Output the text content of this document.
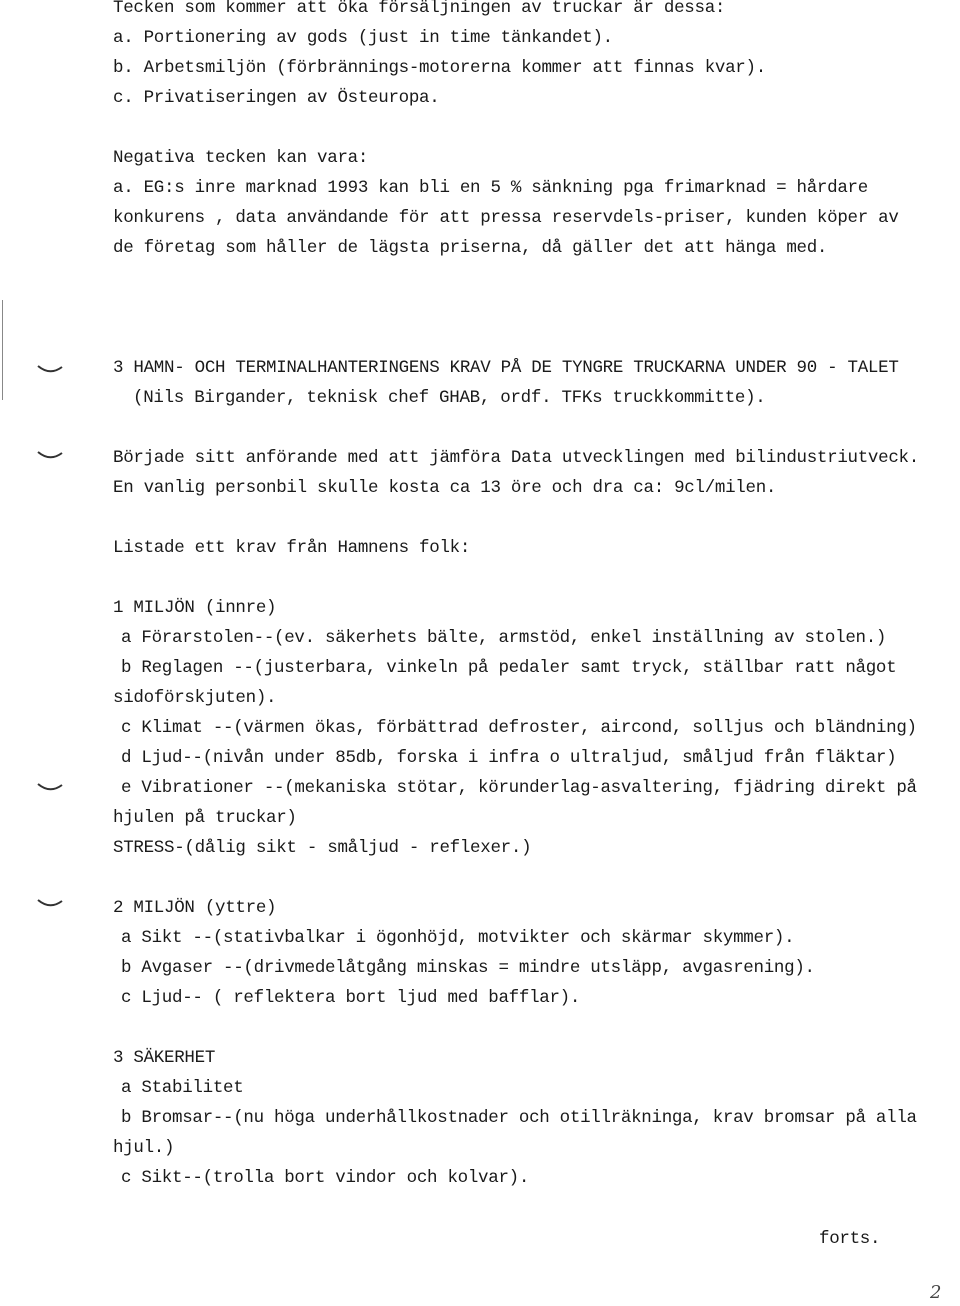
Tecken som kommer att öka försäljningen av truckar är dessa:
a. Portionering av gods (just in time tänkandet).
b. Arbetsmiljön (förbrännings-motorerna kommer att finnas kvar).
c. Privatiseringen av Östeuropa.
Negativa tecken kan vara:
a. EG:s inre marknad 1993 kan bli en 5 % sänkning pga frimarknad = hårdare
konkurens , data användande för att pressa reservdels-priser, kunden köper av
de företag som håller de lägsta priserna, då gäller det att hänga med.
3 HAMN- OCH TERMINALHANTERINGENS KRAV PÅ DE TYNGRE TRUCKARNA UNDER 90 - TALET
(Nils Birgander, teknisk chef GHAB, ordf. TFKs truckkommitte).
Började sitt anförande med att jämföra Data utvecklingen med bilindustriutveck.
En vanlig personbil skulle kosta ca 13 öre och dra ca: 9cl/milen.
Listade ett krav från Hamnens folk:
1 MILJÖN (innre)
a Förarstolen--(ev. säkerhets bälte, armstöd, enkel inställning av stolen.)
b Reglagen --(justerbara, vinkeln på pedaler samt tryck, ställbar ratt något
sidoförskjuten).
c Klimat --(värmen ökas, förbättrad defroster, aircond, solljus och bländning)
d Ljud--(nivån under 85db, forska i infra o ultraljud, småljud från fläktar)
e Vibrationer --(mekaniska stötar, körunderlag-asvaltering, fjädring direkt på
hjulen på truckar)
STRESS-(dålig sikt - småljud - reflexer.)
2 MILJÖN (yttre)
a Sikt --(stativbalkar i ögonhöjd, motvikter och skärmar skymmer).
b Avgaser --(drivmedelåtgång minskas = mindre utsläpp, avgasrening).
c Ljud-- ( reflektera bort ljud med bafflar).
3 SÄKERHET
a Stabilitet
b Bromsar--(nu höga underhållkostnader och otillräkninga, krav bromsar på alla
hjul.)
c Sikt--(trolla bort vindor och kolvar).
forts.
2
